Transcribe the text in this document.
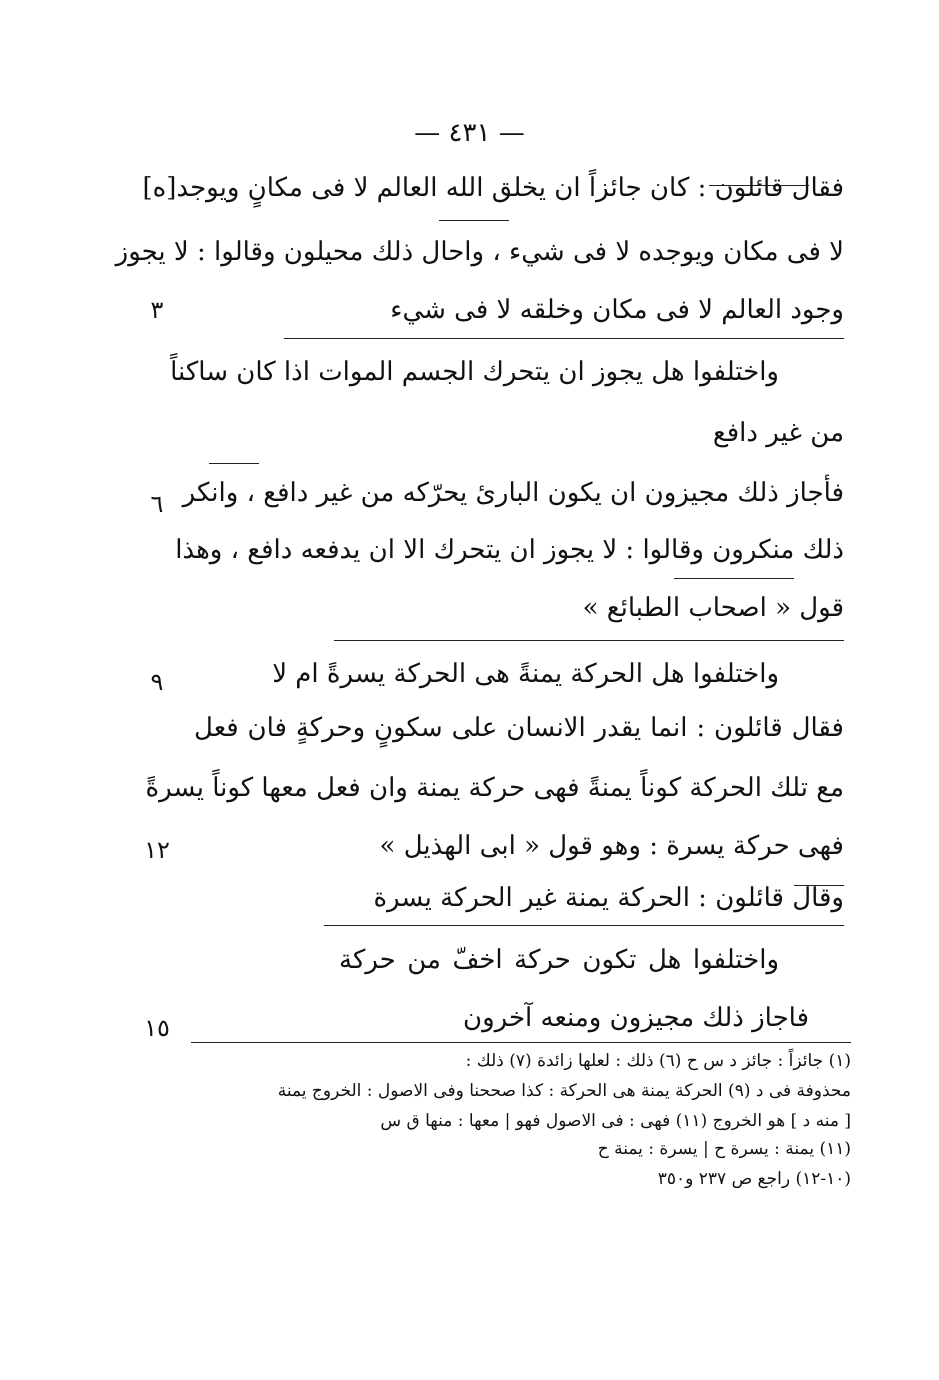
— ٤٣١ —
فقال قائلون : كان جائزاً ان يخلق الله العالم لا فى مكانٍ ويوجد[ه]
لا فى مكان ويوجده لا فى شيء ، واحال ذلك محيلون وقالوا : لا يجوز
وجود العالم لا فى مكان وخلقه لا فى شيء
واختلفوا هل يجوز ان يتحرك الجسم الموات اذا كان ساكناً
من غير دافع
فأجاز ذلك مجيزون ان يكون البارئ يحرّكه من غير دافع ، وانكر
ذلك منكرون وقالوا : لا يجوز ان يتحرك الا ان يدفعه دافع ، وهذا
قول « اصحاب الطبائع »
واختلفوا هل الحركة يمنةً هى الحركة يسرةً ام لا
فقال قائلون : انما يقدر الانسان على سكونٍ وحركةٍ فان فعل
مع تلك الحركة كوناً يمنةً فهى حركة يمنة وان فعل معها كوناً يسرةً
فهى حركة يسرة : وهو قول « ابى الهذيل »
وقال قائلون : الحركة يمنة غير الحركة يسرة
واختلفوا هل تكون حركة اخفّ من حركة
فاجاز ذلك مجيزون ومنعه آخرون
٣
٦
٩
١٢
١٥
(١) جائزاً : جائز د س ح (٦) ذلك : لعلها زائدة (٧) ذلك :
محذوفة فى د (٩) الحركة يمنة هى الحركة : كذا صححنا وفى الاصول : الخروج يمنة
[ منه د ] هو الخروج (١١) فهى : فى الاصول فهو | معها : منها ق س
(١١) يمنة : يسرة ح | يسرة : يمنة ح
(١٠-١٢) راجع ص ٢٣٧ و٣٥٠
